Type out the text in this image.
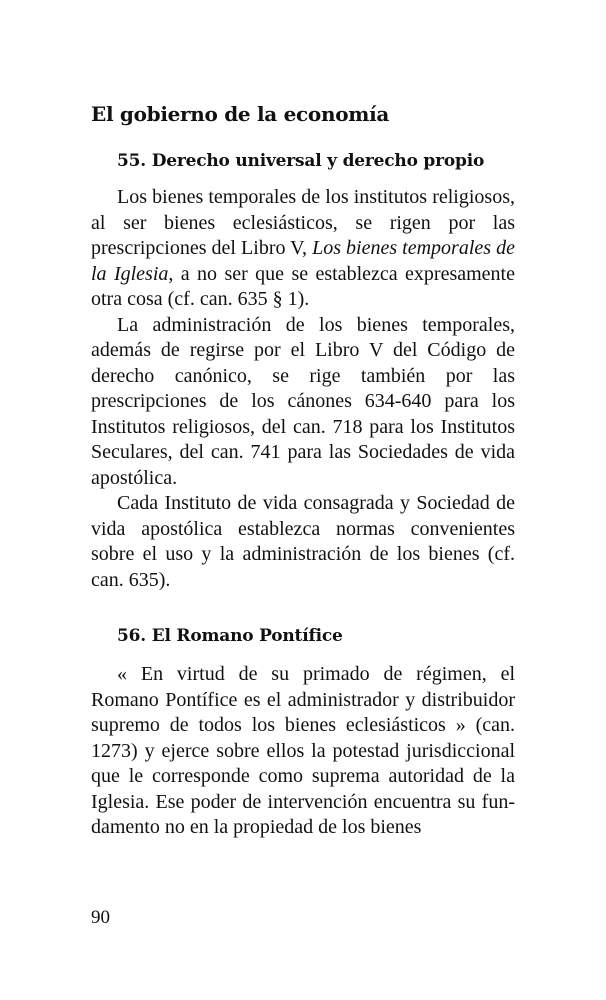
El gobierno de la economía
55. Derecho universal y derecho propio

Los bienes temporales de los institutos religiosos, al ser bienes eclesiásticos, se rigen por las prescripciones del Libro V, Los bienes temporales de la Iglesia, a no ser que se establezca expresamente otra cosa (cf. can. 635 § 1).

La administración de los bienes temporales, además de regirse por el Libro V del Código de derecho canónico, se rige también por las prescripciones de los cánones 634-640 para los Institutos religiosos, del can. 718 para los Institutos Seculares, del can. 741 para las Sociedades de vida apostólica.

Cada Instituto de vida consagrada y Sociedad de vida apostólica establezca normas convenientes sobre el uso y la administración de los bienes (cf. can. 635).

56. El Romano Pontífice

« En virtud de su primado de régimen, el Romano Pontífice es el administrador y distribuidor supremo de todos los bienes eclesiásticos » (can. 1273) y ejerce sobre ellos la potestad jurisdiccional que le corresponde como suprema autoridad de la Iglesia. Ese poder de intervención encuentra su fundamento no en la propiedad de los bienes

90
